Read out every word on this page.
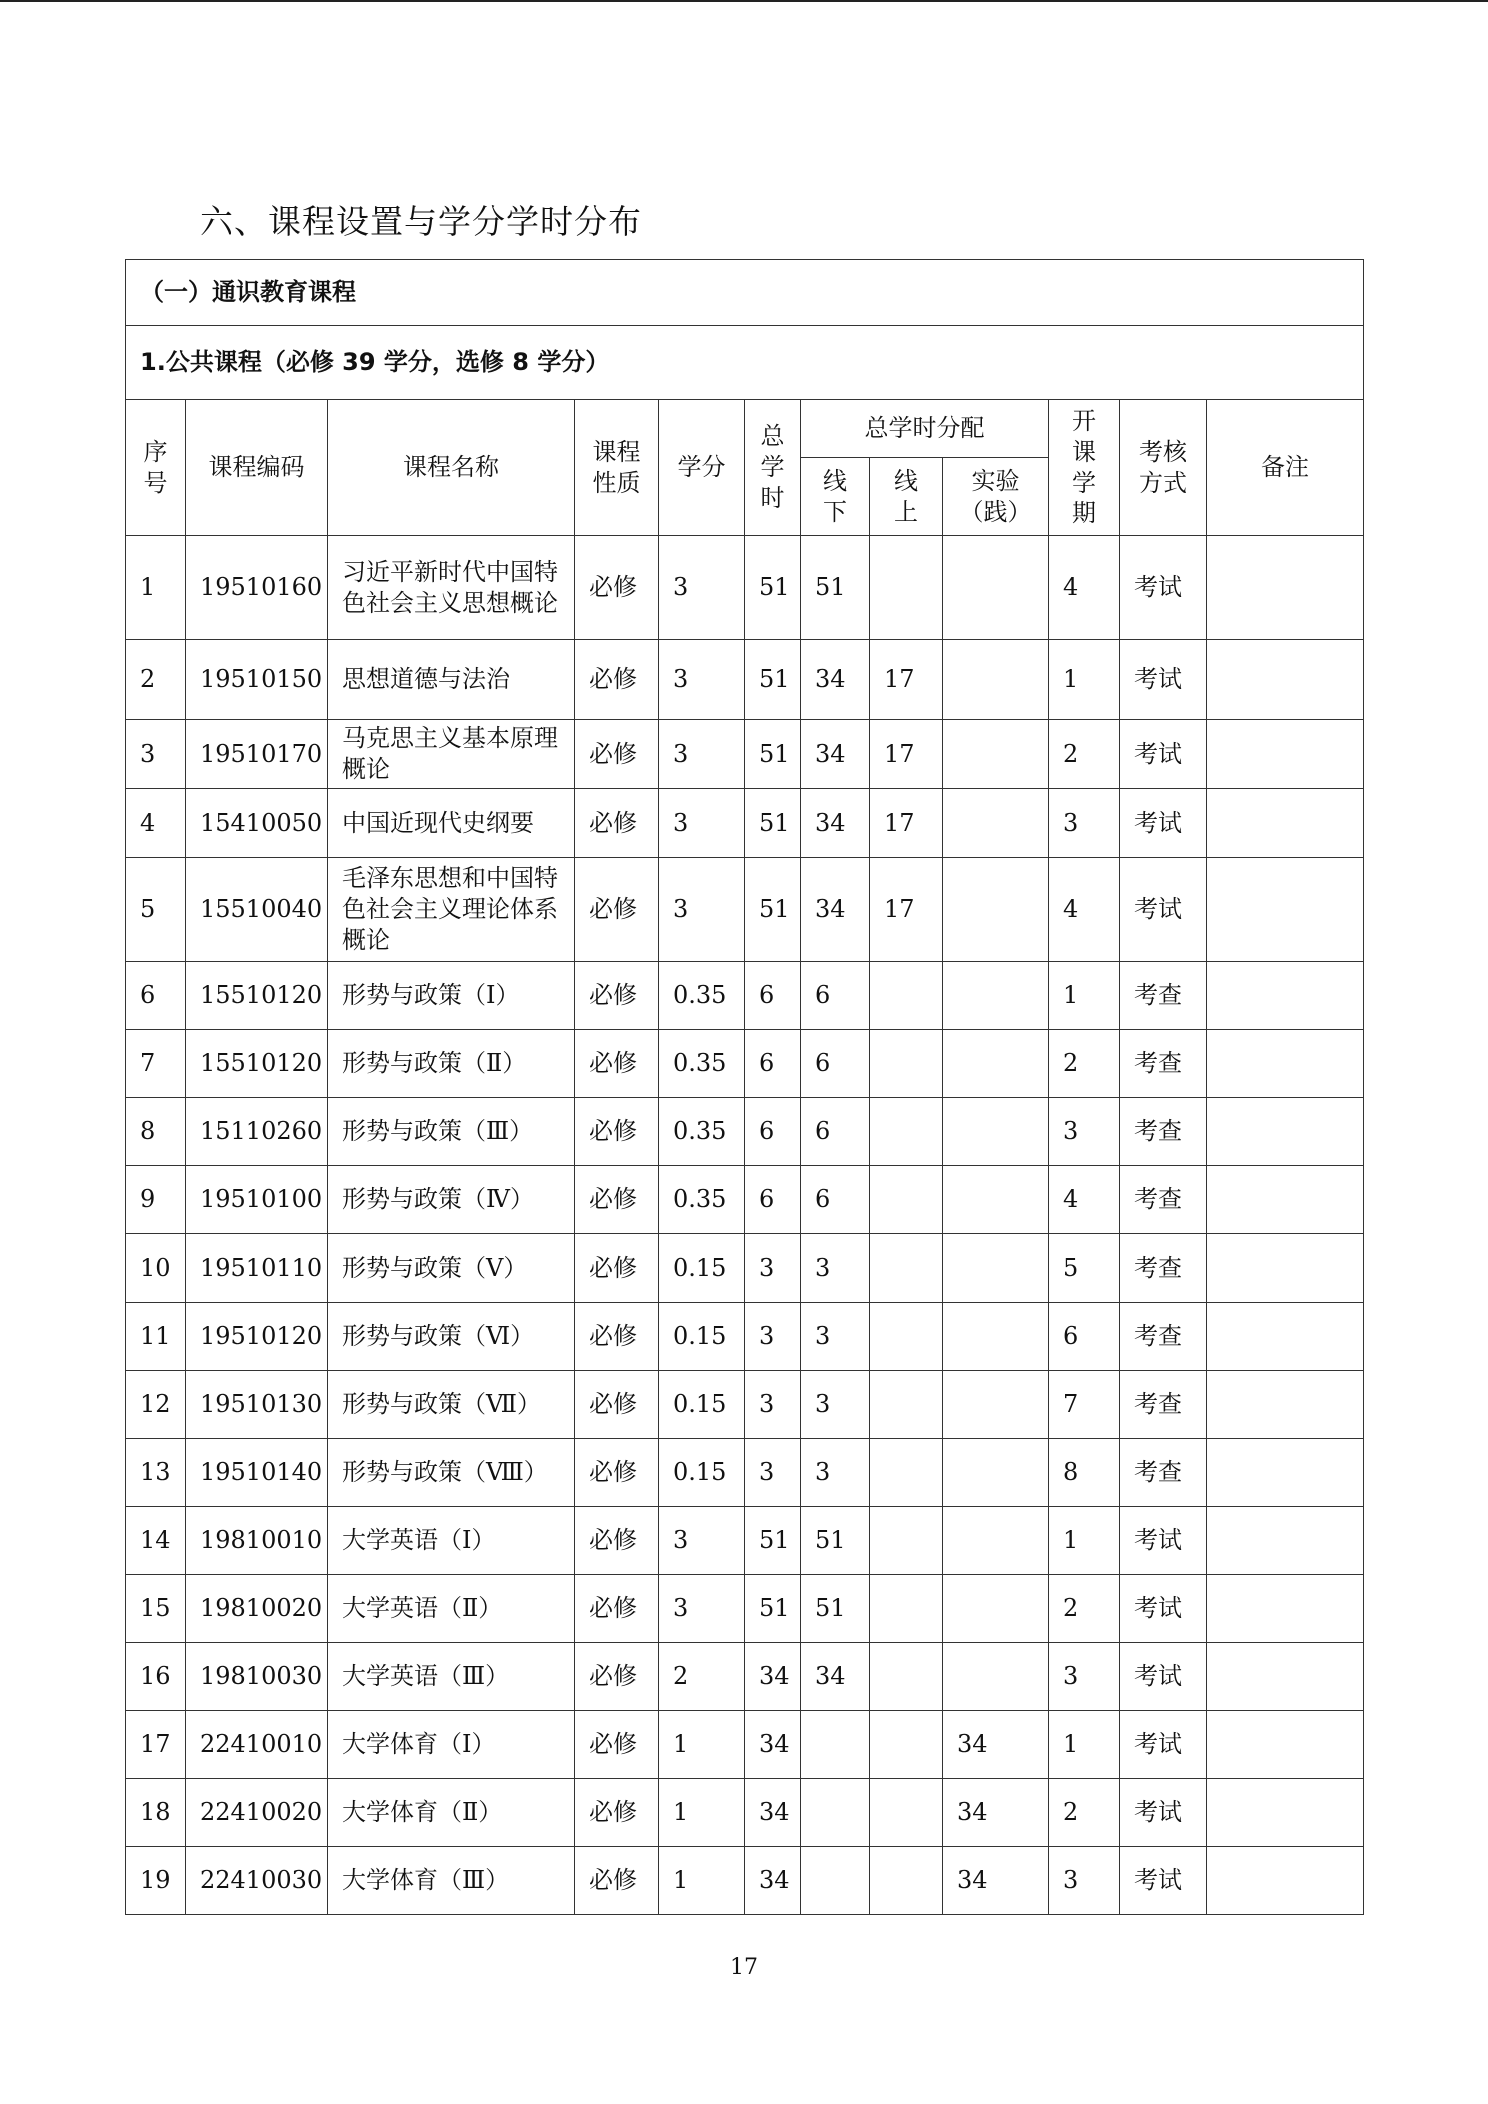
六、课程设置与学分学时分布
（一）通识教育课程											
1.公共课程（必修 39 学分，选修 8 学分）											
序号	课程编码	课程名称	课程性质	学分	总学时	总学时分配			开课学期	考核方式	备注
						线下	线上	实验（践）			
1	19510160	习近平新时代中国特色社会主义思想概论	必修	3	51	51			4	考试	
2	19510150	思想道德与法治	必修	3	51	34	17		1	考试	
3	19510170	马克思主义基本原理概论	必修	3	51	34	17		2	考试	
4	15410050	中国近现代史纲要	必修	3	51	34	17		3	考试	
5	15510040	毛泽东思想和中国特色社会主义理论体系概论	必修	3	51	34	17		4	考试	
6	15510120	形势与政策（Ⅰ）	必修	0.35	6	6			1	考查	
7	15510120	形势与政策（Ⅱ）	必修	0.35	6	6			2	考查	
8	15110260	形势与政策（Ⅲ）	必修	0.35	6	6			3	考查	
9	19510100	形势与政策（Ⅳ）	必修	0.35	6	6			4	考查	
10	19510110	形势与政策（Ⅴ）	必修	0.15	3	3			5	考查	
11	19510120	形势与政策（Ⅵ）	必修	0.15	3	3			6	考查	
12	19510130	形势与政策（Ⅶ）	必修	0.15	3	3			7	考查	
13	19510140	形势与政策（Ⅷ）	必修	0.15	3	3			8	考查	
14	19810010	大学英语（Ⅰ）	必修	3	51	51			1	考试	
15	19810020	大学英语（Ⅱ）	必修	3	51	51			2	考试	
16	19810030	大学英语（Ⅲ）	必修	2	34	34			3	考试	
17	22410010	大学体育（Ⅰ）	必修	1	34			34	1	考试	
18	22410020	大学体育（Ⅱ）	必修	1	34			34	2	考试	
19	22410030	大学体育（Ⅲ）	必修	1	34			34	3	考试	
17
